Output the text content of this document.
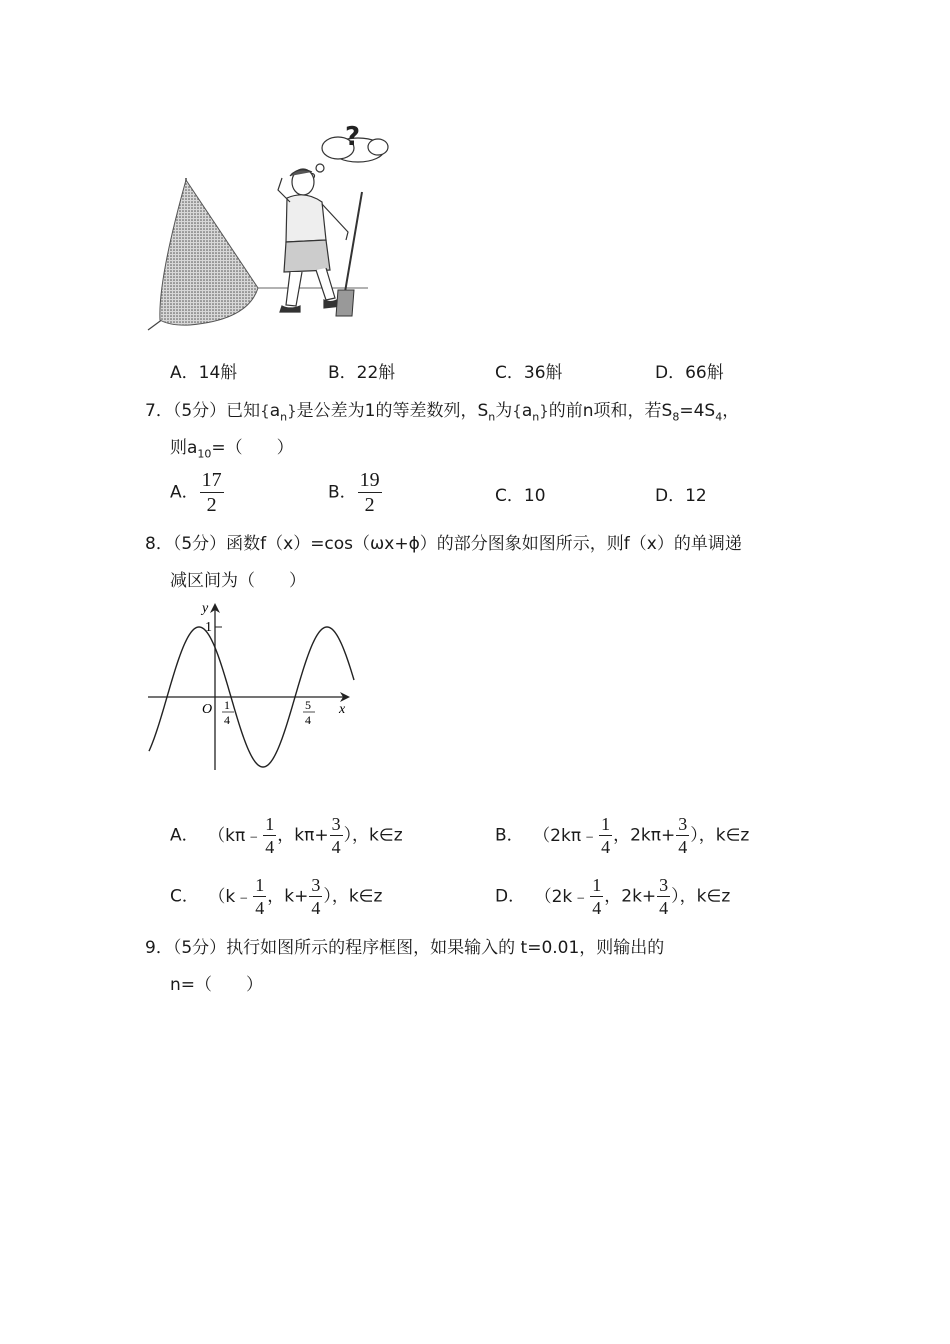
?
A．14斛	B．22斛	C．36斛	D．66斛
7．（5分）已知$\{a_n\}$是公差为1的等差数列，$S_n$为$\{a_n\}$的前n项和，若$S_8=4S_4$，
则$a_{10}=$（　　）
A． $\frac{17}{2}$	B． $\frac{19}{2}$	C．10	D．12
8．（5分）函数f（x）=cos（ωx+ϕ）的部分图象如图所示，则f（x）的单调递
减区间为（　　）
y
1
x
O 1
4
5
4
A． （kπ﹣ $\frac{1}{4}$ ，$k\pi+ \frac{3}{4}$ ），k∈z	B． （2kπ﹣ $\frac{1}{4}$ ，$2k\pi+ \frac{3}{4}$ ），k∈z
C． （k﹣ $\frac{1}{4}$ ，$k+ \frac{3}{4}$ ），k∈z	D． （2k﹣ $\frac{1}{4}$ ，$2k+ \frac{3}{4}$ ），k∈z
9．（5分）执行如图所示的程序框图，如果输入的 t=0.01，则输出的
n=（　　）
